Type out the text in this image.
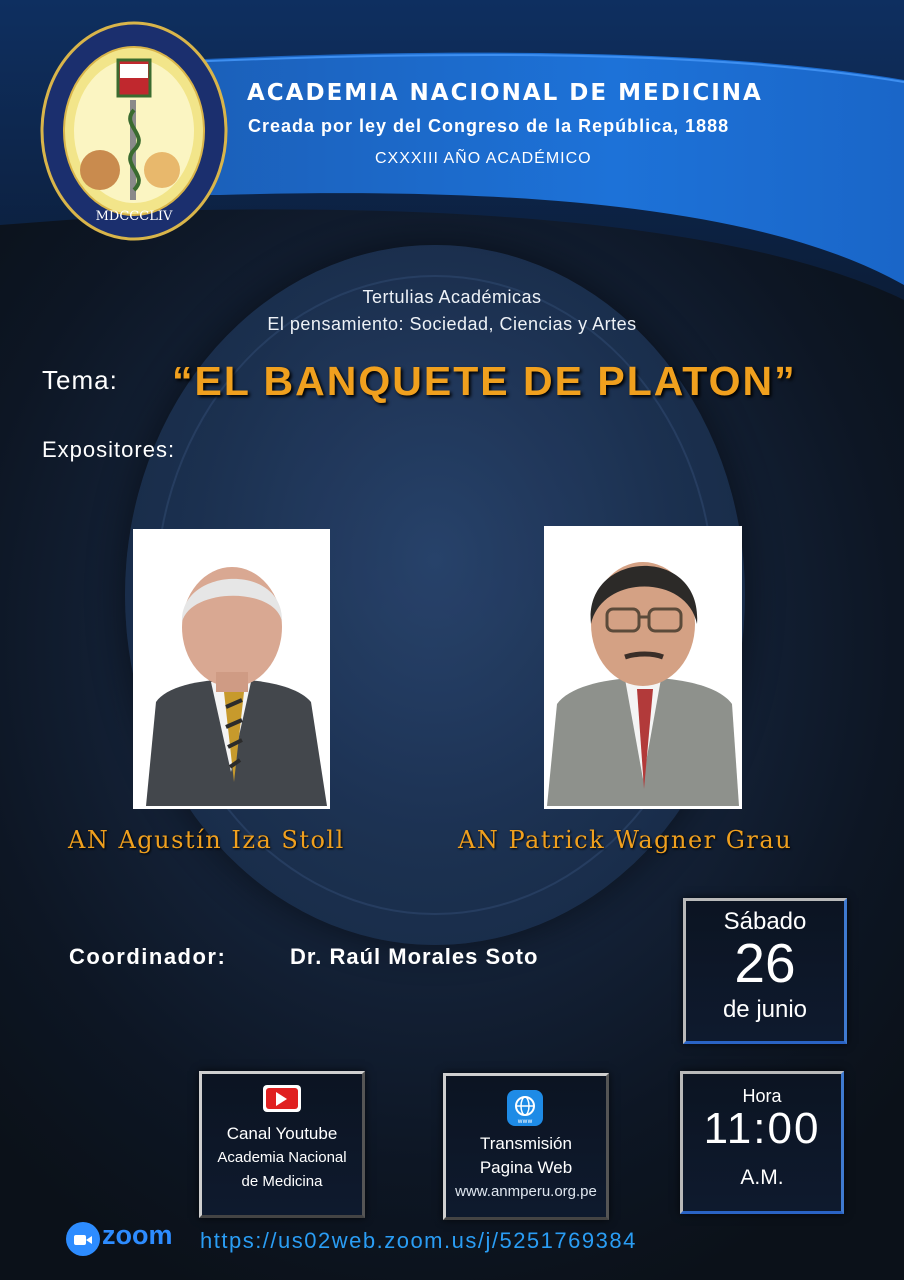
MDCCCLIV
ACADEMIA NACIONAL DE MEDICINA
Creada por ley del Congreso de la República, 1888
CXXXIII AÑO ACADÉMICO
Tertulias Académicas
El pensamiento: Sociedad, Ciencias y Artes
Tema: “EL BANQUETE DE PLATON”
Expositores:
AN Agustín Iza Stoll	AN Patrick Wagner Grau
Coordinador:	Dr. Raúl Morales Soto
Sábado
26
de junio
Canal Youtube
Academia Nacional
de Medicina
www
Transmisión
Pagina Web
www.anmperu.org.pe
Hora
11:00
A.M.
zoom https://us02web.zoom.us/j/5251769384
